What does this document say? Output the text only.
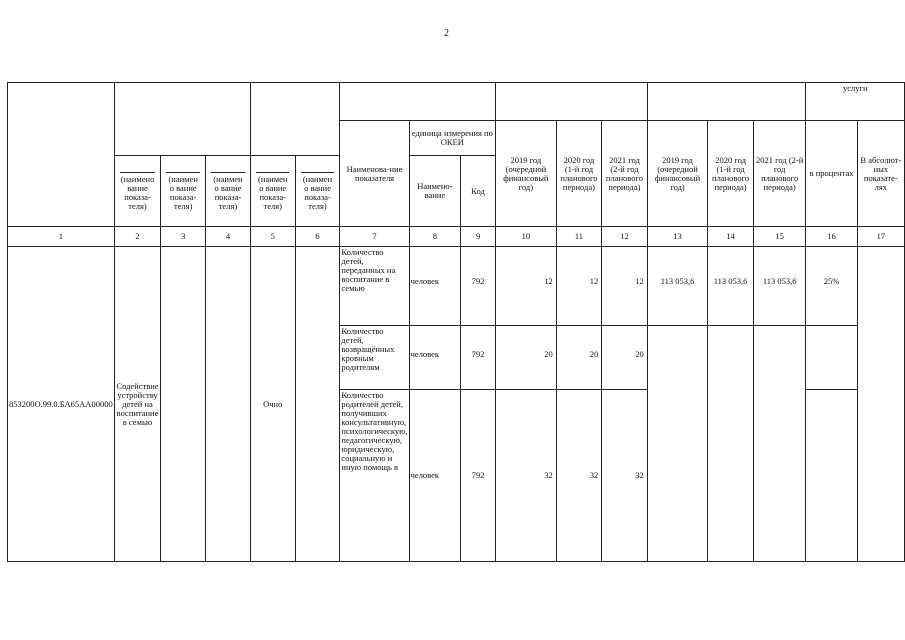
2
															услуги	
						Наименова-ние показателя	единица измерения по ОКЕИ		2019 год (очередной финансовый год)	2020 год (1-й год планового периода)	2021 год (2-й год планового периода)	2019 год (очередной финансовый год)	2020 год (1-й год планового периода)	2021 год (2-й год планового периода)	в процентах	В абсолют-ных показате-лях

	(наимено вание показа-теля)	(наимено вание показа-теля)	(наимено вание показа-теля)	(наимено вание показа-теля)	(наимено вание показа-теля)		Наимено-вание	Код								
1	2	3	4	5	6	7	8	9	10	11	12	13	14	15	16	17
853200О.99.0.БА65АА00000	Содействие устройству детей на воспитание в семью			Очно		Количество детей, переданных на воспитание в семью	человек	792	12	12	12	113 053,6	113 053,6	113 053,6	25%	
						Количество детей, возвращённых кровным родителям	человек	792	20	20	20					
						Количество родителей детей, получивших консультативную, психологическую, педагогическую, юридическую, социальную и иную помощь в	человек	792	32	32	32					
